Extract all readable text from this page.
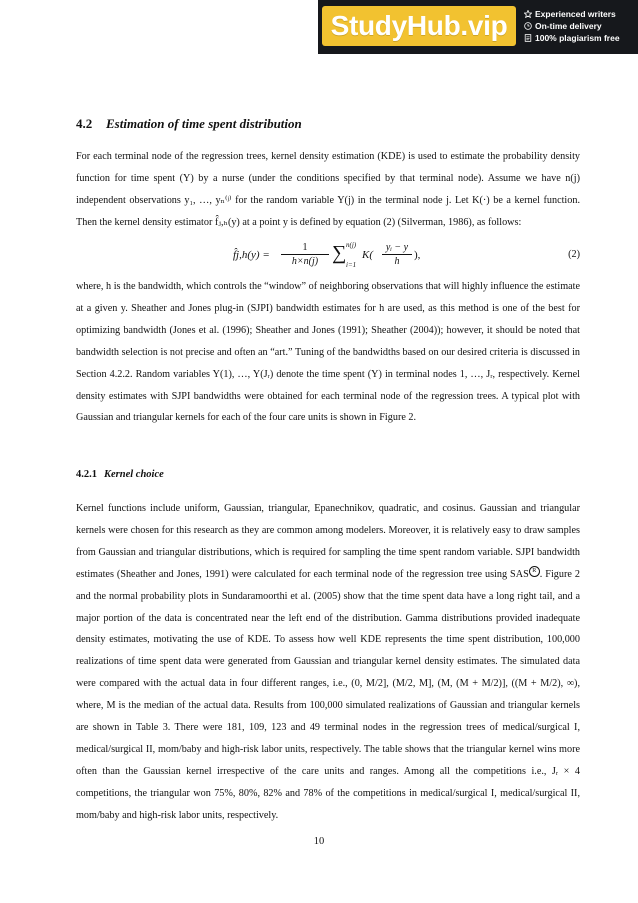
StudyHub.vip	Experienced writers
On-time delivery
100% plagiarism free
4.2 Estimation of time spent distribution
For each terminal node of the regression trees, kernel density estimation (KDE) is used to estimate the probability density function for time spent (Y) by a nurse (under the conditions specified by that terminal node). Assume we have n(j) independent observations y₁, …, yₙ⁽ʲ⁾ for the random variable Y(j) in the terminal node j. Let K(·) be a kernel function. Then the kernel density estimator f̂ⱼ,ₕ(y) at a point y is defined by equation (2) (Silverman, 1986), as follows:
f̂j,h(y) = $\frac{1}{h\times n(j)}$ ∑ n(j)
i=1
K(
yᵢ − y
h
),	(2)
where, h is the bandwidth, which controls the “window” of neighboring observations that will highly influence the estimate at a given y. Sheather and Jones plug-in (SJPI) bandwidth estimates for h are used, as this method is one of the best for optimizing bandwidth (Jones et al. (1996); Sheather and Jones (1991); Sheather (2004)); however, it should be noted that bandwidth selection is not precise and often an “art.” Tuning of the bandwidths based on our desired criteria is discussed in Section 4.2.2. Random variables Y(1), …, Y(Jᵣ) denote the time spent (Y) in terminal nodes 1, …, Jᵣ, respectively. Kernel density estimates with SJPI bandwidths were obtained for each terminal node of the regression trees. A typical plot with Gaussian and triangular kernels for each of the four care units is shown in Figure 2.
4.2.1 Kernel choice
Kernel functions include uniform, Gaussian, triangular, Epanechnikov, quadratic, and cosinus. Gaussian and triangular kernels were chosen for this research as they are common among modelers. Moreover, it is relatively easy to draw samples from Gaussian and triangular distributions, which is required for sampling the time spent random variable. SJPI bandwidth estimates (Sheather and Jones, 1991) were calculated for each terminal node of the regression tree using SAS R . Figure 2 and the normal probability plots in Sundaramoorthi et al. (2005) show that the time spent data have a long right tail, and a major portion of the data is concentrated near the left end of the distribution. Gamma distributions provided inadequate density estimates, motivating the use of KDE. To assess how well KDE represents the time spent distribution, 100,000 realizations of time spent data were generated from Gaussian and triangular kernel density estimates. The simulated data were compared with the actual data in four different ranges, i.e., (0, M/2], (M/2, M], (M, (M + M/2)], ((M + M/2), ∞), where, M is the median of the actual data. Results from 100,000 simulated realizations of Gaussian and triangular kernels are shown in Table 3. There were 181, 109, 123 and 49 terminal nodes in the regression trees of medical/surgical I, medical/surgical II, mom/baby and high-risk labor units, respectively. The table shows that the triangular kernel wins more often than the Gaussian kernel irrespective of the care units and ranges. Among all the competitions i.e., Jᵣ × 4 competitions, the triangular won 75%, 80%, 82% and 78% of the competitions in medical/surgical I, medical/surgical II, mom/baby and high-risk labor units, respectively.
10
